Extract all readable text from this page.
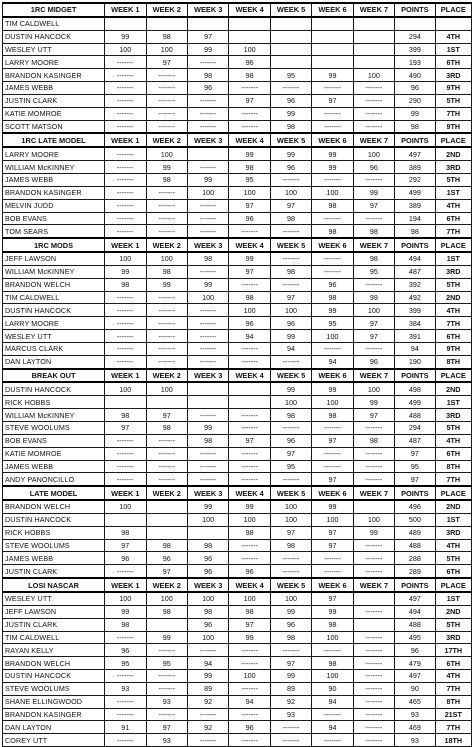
1RC MIDGET	WEEK 1	WEEK 2	WEEK 3	WEEK 4	WEEK 5	WEEK 6	WEEK 7	POINTS	PLACE
TIM CALDWELL									
DUSTIN HANCOCK	99	98	97					294	4TH
WESLEY UTT	100	100	99	100				399	1ST
LARRY MOORE	-------	97	-------	96				193	6TH
BRANDON KASINGER	-------	-------	98	98	95	99	100	490	3RD
JAMES WEBB	-------	-------	96	-------	-------	-------	-------	96	9TH
JUSTIN CLARK	-------	-------	-------	97	96	97	-------	290	5TH
KATIE MOMROE	-------	-------	-------	-------	99	-------	-------	99	7TH
SCOTT MATSON	-------	-------	-------	-------	98	-------	-------	98	9TH
1RC LATE MODEL	WEEK 1	WEEK 2	WEEK 3	WEEK 4	WEEK 5	WEEK 6	WEEK 7	POINTS	PLACE
LARRY MOORE	-------	100		99	99	99	100	497	2ND
WILLIAM McKINNEY	-------	99	-------	98	96	99	96	389	3RD
JAMES WEBB	-------	98	99	95	-------	-------	-------	292	5TH
BRANDON KASINGER	-------	-------	100	100	100	100	99	499	1ST
MELVIN JUDD	-------	-------	-------	97	97	98	97	389	4TH
BOB EVANS	-------	-------	-------	96	98	-------	-------	194	6TH
TOM SEARS	-------	-------	-------	-------	-------	98	98	98	7TH
1RC MODS	WEEK 1	WEEK 2	WEEK 3	WEEK 4	WEEK 5	WEEK 6	WEEK 7	POINTS	PLACE
JEFF LAWSON	100	100	98	99	-------	-------	98	494	1ST
WILLIAM McKINNEY	99	98	-------	97	98	-------	95	487	3RD
BRANDON WELCH	98	99	99	-------	-------	96	-------	392	5TH
TIM CALDWELL	-------	-------	100	98	97	98	99	492	2ND
DUSTIN HANCOCK	-------	-------	-------	100	100	99	100	399	4TH
LARRY MOORE	-------	-------	-------	96	96	95	97	384	7TH
WESLEY UTT	-------	-------	-------	94	99	100	97	391	6TH
MARCUS CLARK	-------	-------	-------	-------	94	-------	-------	94	9TH
DAN LAYTON	-------	-------	-------	-------	-------	94	96	190	8TH
BREAK OUT	WEEK 1	WEEK 2	WEEK 3	WEEK 4	WEEK 5	WEEK 6	WEEK 7	POINTS	PLACE
DUSTIN HANCOCK	100	100			99	99	100	498	2ND
RICK HOBBS					100	100	99	499	1ST
WILLIAM McKINNEY	98	97	-------	-------	98	98	97	488	3RD
STEVE WOOLUMS	97	98	99	-------	-------	-------	-------	294	5TH
BOB EVANS	-------	-------	98	97	96	97	98	487	4TH
KATIE MOMROE	-------	-------	-------	-------	97	-------	-------	97	6TH
JAMES WEBB	-------	-------	-------	-------	95	-------	-------	95	8TH
ANDY PANONCILLO	-------	-------	-------	-------	-------	97	-------	97	7TH
LATE MODEL	WEEK 1	WEEK 2	WEEK 3	WEEK 4	WEEK 5	WEEK 6	WEEK 7	POINTS	PLACE
BRANDON WELCH	100		99	99	100	99		496	2ND
DUSTIN HANCOCK			100	100	100	100	100	500	1ST
RICK HOBBS	98			98	97	97	99	489	3RD
STEVE WOOLUMS	97	98	98	-------	98	97	-------	488	4TH
JAMES WEBB	96	96	96	-------	-------	-------	-------	288	5TH
JUSTIN CLARK	-------	97	96	96	-------	-------	-------	289	6TH
LOSI NASCAR	WEEK 1	WEEK 2	WEEK 3	WEEK 4	WEEK 5	WEEK 6	WEEK 7	POINTS	PLACE
WESLEY UTT	100	100	100	100	100	97		497	1ST
JEFF LAWSON	99	98	98	98	99	99	-------	494	2ND
JUSTIN CLARK	98		96	97	96	98		488	5TH
TIM CALDWELL	-------	99	100	99	98	100	-------	495	3RD
RAYAN KELLY	96	-------	-------	-------	-------	-------	-------	96	17TH
BRANDON WELCH	95	95	94	-------	97	98	-------	479	6TH
DUSTIN HANCOCK	-------	-------	99	100	99	100	-------	497	4TH
STEVE WOOLUMS	93	-------	89	-------	89	90	-------	90	7TH
SHANE ELLINGWOOD	-------	93	92	94	92	94	-------	465	8TH
BRANDON KASINGER	-------	-------	-------	-------	93	-------	-------	93	21ST
DAN LAYTON	91	97	92	96	-------	94	-------	469	7TH
COREY UTT	-------	93	-------	-------	-------	-------	-------	93	18TH
